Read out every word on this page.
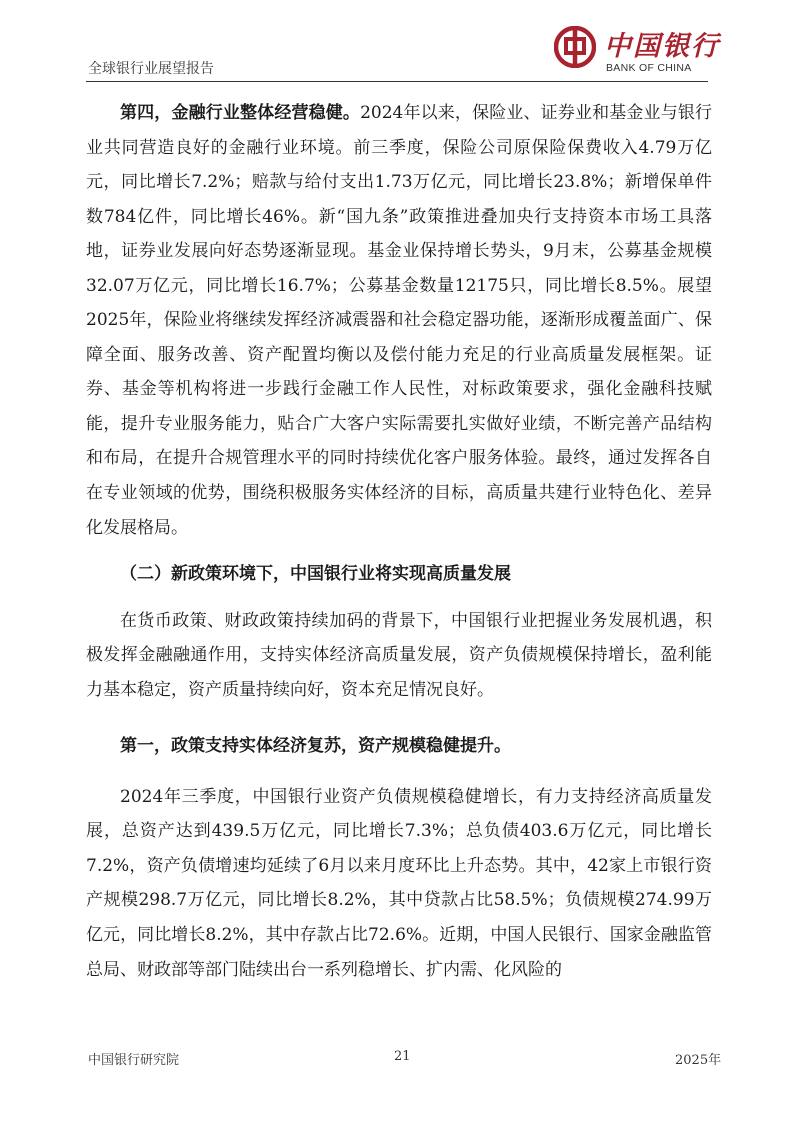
全球银行业展望报告
中国银行
BANK OF CHINA

第四，金融行业整体经营稳健。2024年以来，保险业、证券业和基金业与银行业共同营造良好的金融行业环境。前三季度，保险公司原保险保费收入4.79万亿元，同比增长7.2%；赔款与给付支出1.73万亿元，同比增长23.8%；新增保单件数784亿件，同比增长46%。新“国九条”政策推进叠加央行支持资本市场工具落地，证券业发展向好态势逐渐显现。基金业保持增长势头，9月末，公募基金规模32.07万亿元，同比增长16.7%；公募基金数量12175只，同比增长8.5%。展望2025年，保险业将继续发挥经济减震器和社会稳定器功能，逐渐形成覆盖面广、保障全面、服务改善、资产配置均衡以及偿付能力充足的行业高质量发展框架。证券、基金等机构将进一步践行金融工作人民性，对标政策要求，强化金融科技赋能，提升专业服务能力，贴合广大客户实际需要扎实做好业绩，不断完善产品结构和布局，在提升合规管理水平的同时持续优化客户服务体验。最终，通过发挥各自在专业领域的优势，围绕积极服务实体经济的目标，高质量共建行业特色化、差异化发展格局。

（二）新政策环境下，中国银行业将实现高质量发展

在货币政策、财政政策持续加码的背景下，中国银行业把握业务发展机遇，积极发挥金融融通作用，支持实体经济高质量发展，资产负债规模保持增长，盈利能力基本稳定，资产质量持续向好，资本充足情况良好。

第一，政策支持实体经济复苏，资产规模稳健提升。

2024年三季度，中国银行业资产负债规模稳健增长，有力支持经济高质量发展，总资产达到439.5万亿元，同比增长7.3%；总负债403.6万亿元，同比增长7.2%，资产负债增速均延续了6月以来月度环比上升态势。其中，42家上市银行资产规模298.7万亿元，同比增长8.2%，其中贷款占比58.5%；负债规模274.99万亿元，同比增长8.2%，其中存款占比72.6%。近期，中国人民银行、国家金融监管总局、财政部等部门陆续出台一系列稳增长、扩内需、化风险的

中国银行研究院	21	2025年
